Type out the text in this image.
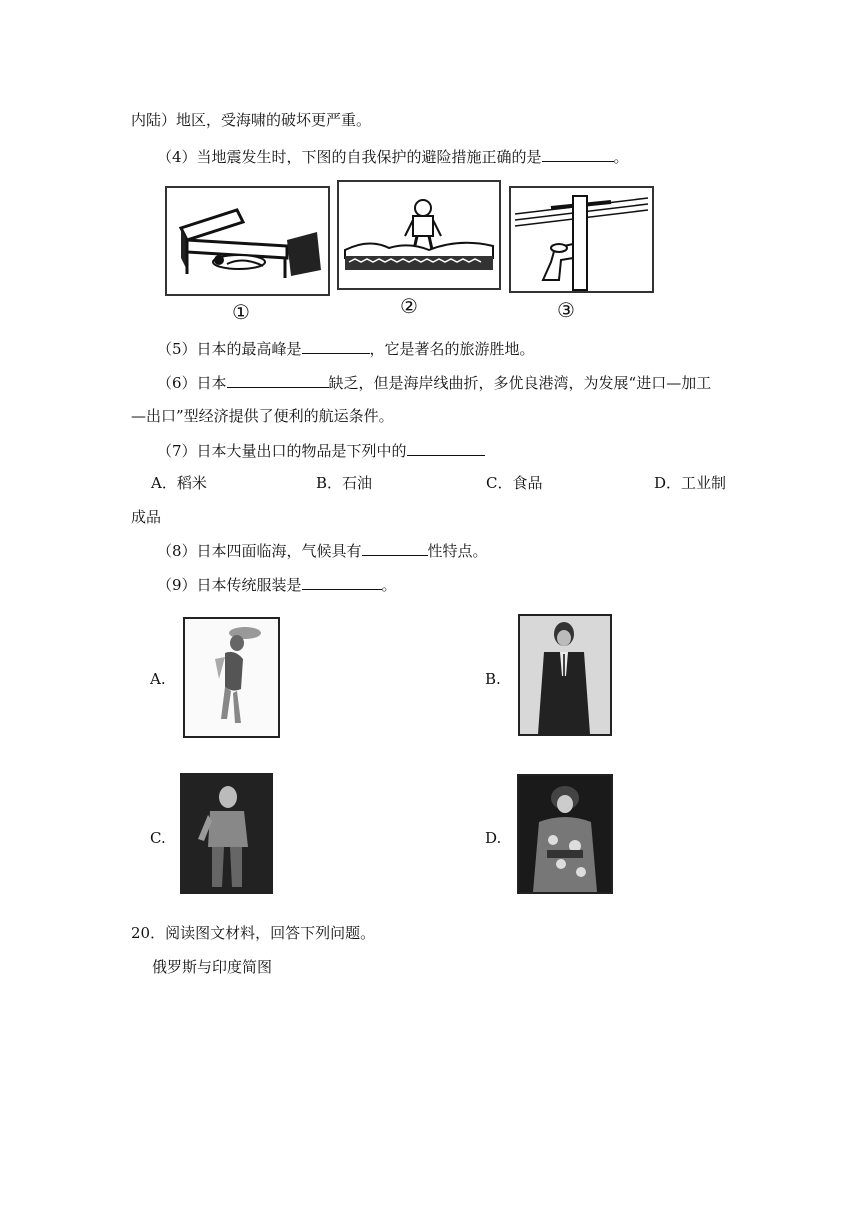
内陆）地区，受海啸的破坏更严重。
（4）当地震发生时，下图的自我保护的避险措施正确的是	。
①	②	③
（5）日本的最高峰是	，它是著名的旅游胜地。
（6）日本	缺乏，但是海岸线曲折，多优良港湾，为发展“进口—加工
—出口”型经济提供了便利的航运条件。
（7）日本大量出口的物品是下列中的
A．稻米	B．石油	C．食品	D．工业制
成品
（8）日本四面临海，气候具有	性特点。
（9）日本传统服装是	。
A.	B.
C.	D.
20．阅读图文材料，回答下列问题。
俄罗斯与印度简图
